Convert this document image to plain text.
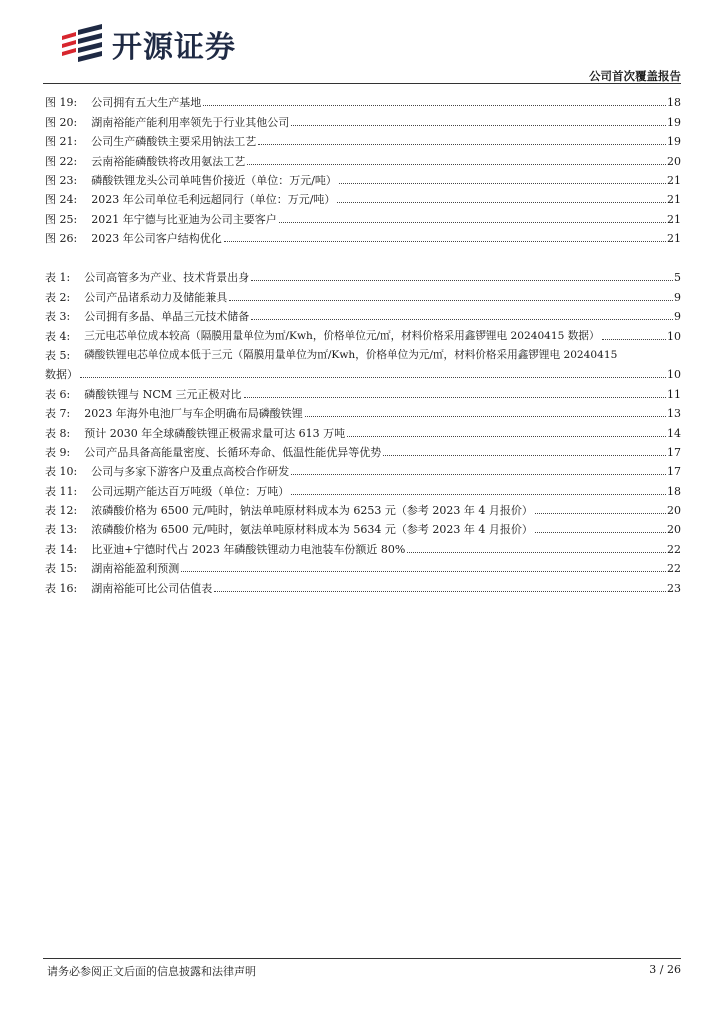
开源证券
公司首次覆盖报告
图 19: 公司拥有五大生产基地	18
图 20: 湖南裕能产能利用率领先于行业其他公司	19
图 21: 公司生产磷酸铁主要采用钠法工艺	19
图 22: 云南裕能磷酸铁将改用氨法工艺	20
图 23: 磷酸铁锂龙头公司单吨售价接近（单位：万元/吨）	21
图 24: 2023 年公司单位毛利远超同行（单位：万元/吨）	21
图 25: 2021 年宁德与比亚迪为公司主要客户	21
图 26: 2023 年公司客户结构优化	21
表 1: 公司高管多为产业、技术背景出身	5
表 2: 公司产品诸系动力及储能兼具	9
表 3: 公司拥有多晶、单晶三元技术储备	9
表 4: 三元电芯单位成本较高（隔膜用量单位为㎡/Kwh，价格单位元/㎡，材料价格采用鑫锣锂电 20240415 数据）	10
表 5: 磷酸铁锂电芯单位成本低于三元（隔膜用量单位为㎡/Kwh，价格单位为元/㎡，材料价格采用鑫锣锂电 20240415
数据）	10
表 6: 磷酸铁锂与 NCM 三元正极对比	11
表 7: 2023 年海外电池厂与车企明确布局磷酸铁锂	13
表 8: 预计 2030 年全球磷酸铁锂正极需求量可达 613 万吨	14
表 9: 公司产品具备高能量密度、长循环寿命、低温性能优异等优势	17
表 10: 公司与多家下游客户及重点高校合作研发	17
表 11: 公司远期产能达百万吨级（单位：万吨）	18
表 12: 浓磷酸价格为 6500 元/吨时，钠法单吨原材料成本为 6253 元（参考 2023 年 4 月报价）	20
表 13: 浓磷酸价格为 6500 元/吨时，氨法单吨原材料成本为 5634 元（参考 2023 年 4 月报价）	20
表 14: 比亚迪+宁德时代占 2023 年磷酸铁锂动力电池装车份额近 80%	22
表 15: 湖南裕能盈利预测	22
表 16: 湖南裕能可比公司估值表	23
请务必参阅正文后面的信息披露和法律声明	3 / 26
